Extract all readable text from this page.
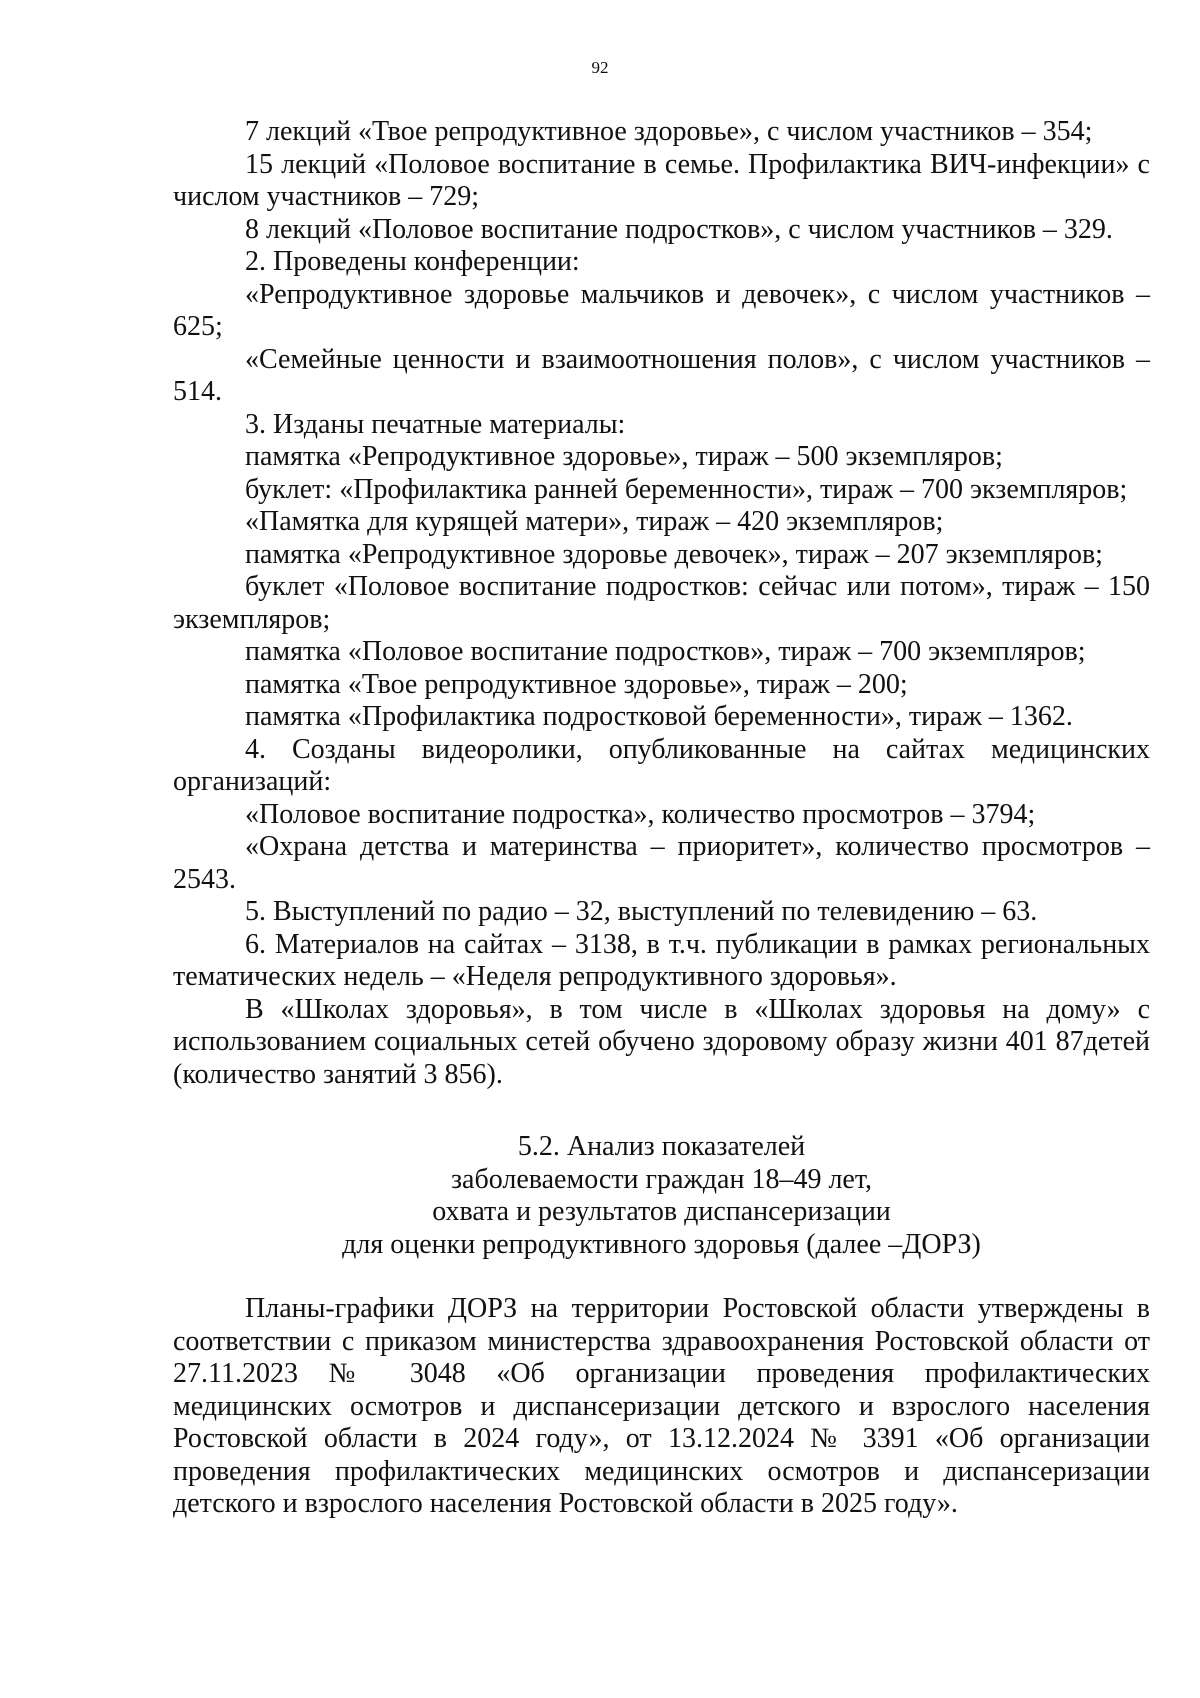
92

7 лекций «Твое репродуктивное здоровье», с числом участников – 354;

15 лекций «Половое воспитание в семье. Профилактика ВИЧ-инфекции» с числом участников – 729;

8 лекций «Половое воспитание подростков», с числом участников – 329.

2. Проведены конференции:

«Репродуктивное здоровье мальчиков и девочек», с числом участников – 625;

«Семейные ценности и взаимоотношения полов», с числом участников – 514.

3. Изданы печатные материалы:

памятка «Репродуктивное здоровье», тираж – 500 экземпляров;

буклет: «Профилактика ранней беременности», тираж – 700 экземпляров;

«Памятка для курящей матери», тираж – 420 экземпляров;

памятка «Репродуктивное здоровье девочек», тираж – 207 экземпляров;

буклет «Половое воспитание подростков: сейчас или потом», тираж – 150 экземпляров;

памятка «Половое воспитание подростков», тираж – 700 экземпляров;

памятка «Твое репродуктивное здоровье», тираж – 200;

памятка «Профилактика подростковой беременности», тираж – 1362.

4. Созданы видеоролики, опубликованные на сайтах медицинских организаций:

«Половое воспитание подростка», количество просмотров – 3794;

«Охрана детства и материнства – приоритет», количество просмотров – 2543.

5. Выступлений по радио – 32, выступлений по телевидению – 63.

6. Материалов на сайтах – 3138, в т.ч. публикации в рамках региональных тематических недель – «Неделя репродуктивного здоровья».

В «Школах здоровья», в том числе в «Школах здоровья на дому» с использованием социальных сетей обучено здоровому образу жизни 401 87детей (количество занятий 3 856).

5.2. Анализ показателей
заболеваемости граждан 18–49 лет,
охвата и результатов диспансеризации
для оценки репродуктивного здоровья (далее –ДОРЗ)

Планы-графики ДОРЗ на территории Ростовской области утверждены в соответствии с приказом министерства здравоохранения Ростовской области от 27.11.2023 № 3048 «Об организации проведения профилактических медицинских осмотров и диспансеризации детского и взрослого населения Ростовской области в 2024 году», от 13.12.2024 № 3391 «Об организации проведения профилактических медицинских осмотров и диспансеризации детского и взрослого населения Ростовской области в 2025 году».
